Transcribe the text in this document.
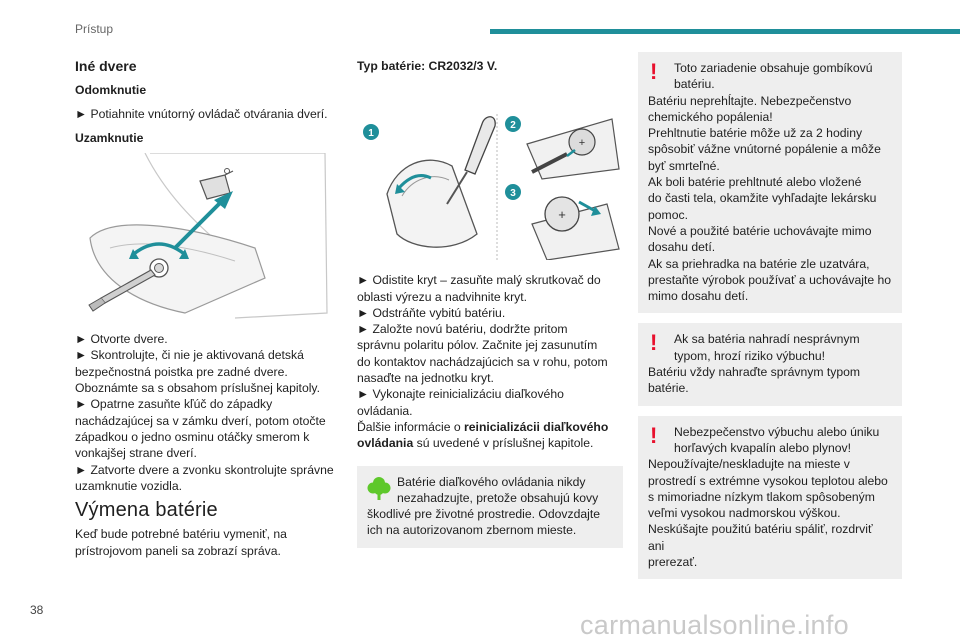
Prístup
Iné dvere
Odomknutie

► Potiahnite vnútorný ovládač otvárania dverí.

Uzamknutie

► Otvorte dvere.

► Skontrolujte, či nie je aktivovaná detská

bezpečnostná poistka pre zadné dvere.

Oboznámte sa s obsahom príslušnej kapitoly.

► Opatrne zasuňte kľúč do západky

nachádzajúcej sa v zámku dverí, potom otočte

západkou o jedno osminu otáčky smerom k

vonkajšej strane dverí.

► Zatvorte dvere a zvonku skontrolujte správne

uzamknutie vozidla.

Výmena batérie

Keď bude potrebné batériu vymeniť, na

prístrojovom paneli sa zobrazí správa.

Typ batérie: CR2032/3 V.

1
2
+
3
+

► Odistite kryt – zasuňte malý skrutkovač do

oblasti výrezu a nadvihnite kryt.

► Odstráňte vybitú batériu.

► Založte novú batériu, dodržte pritom

správnu polaritu pólov. Začnite jej zasunutím

do kontaktov nachádzajúcich sa v rohu, potom

nasaďte na jednotku kryt.

► Vykonajte reinicializáciu diaľkového

ovládania.

Ďalšie informácie o reinicializácii diaľkového
ovládania sú uvedené v príslušnej kapitole.

Batérie diaľkového ovládania nikdy

nezahadzujte, pretože obsahujú kovy

škodlivé pre životné prostredie. Odovzdajte

ich na autorizovanom zbernom mieste.

!	Toto zariadenie obsahuje gombíkovú

batériu.

Batériu neprehĺtajte. Nebezpečenstvo

chemického popálenia!

Prehltnutie batérie môže už za 2 hodiny

spôsobiť vážne vnútorné popálenie a môže

byť smrteľné.

Ak boli batérie prehltnuté alebo vložené

do časti tela, okamžite vyhľadajte lekársku

pomoc.

Nové a použité batérie uchovávajte mimo

dosahu detí.

Ak sa priehradka na batérie zle uzatvára,

prestaňte výrobok používať a uchovávajte ho

mimo dosahu detí.

!	Ak sa batéria nahradí nesprávnym

typom, hrozí riziko výbuchu!

Batériu vždy nahraďte správnym typom

batérie.

!	Nebezpečenstvo výbuchu alebo úniku

horľavých kvapalín alebo plynov!

Nepoužívajte/neskladujte na mieste v

prostredí s extrémne vysokou teplotou alebo

s mimoriadne nízkym tlakom spôsobeným

veľmi vysokou nadmorskou výškou.

Neskúšajte použitú batériu spáliť, rozdrviť ani

prerezať.

38	carmanualsonline.info
